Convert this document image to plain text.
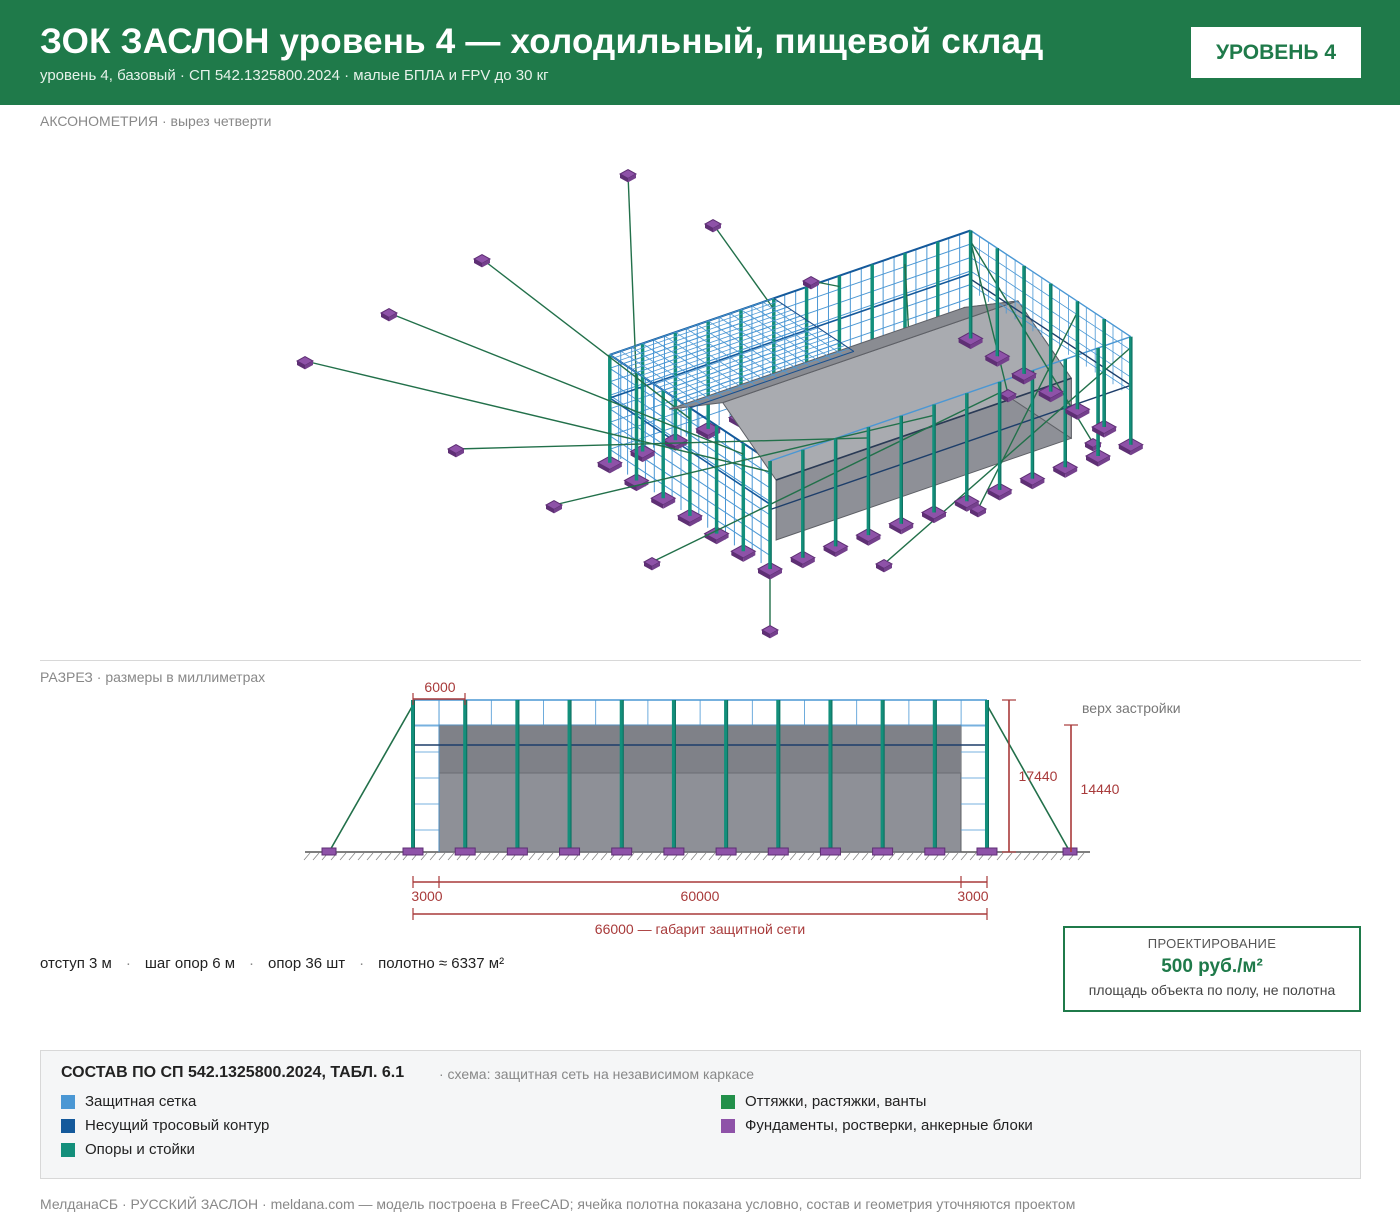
ЗОК ЗАСЛОН уровень 4 — холодильный, пищевой склад
уровень 4, базовый · СП 542.1325800.2024 · малые БПЛА и FPV до 30 кг
УРОВЕНЬ 4
АКСОНОМЕТРИЯ · вырез четверти
РАЗРЕЗ · размеры в миллиметрах
6000
17440
14440
верх застройки
3000	60000	3000
66000 — габарит защитной сети
отступ 3 м · шаг опор 6 м · опор 36 шт · полотно ≈ 6337 м²
ПРОЕКТИРОВАНИЕ
500 руб./м²
площадь объекта по полу, не полотна
СОСТАВ ПО СП 542.1325800.2024, ТАБЛ. 6.1 · схема: защитная сеть на независимом каркасе
Защитная сетка
Несущий тросовый контур
Опоры и стойки
Оттяжки, растяжки, ванты
Фундаменты, ростверки, анкерные блоки
МелданаСБ · РУССКИЙ ЗАСЛОН · meldana.com — модель построена в FreeCAD; ячейка полотна показана условно, состав и геометрия уточняются проектом
